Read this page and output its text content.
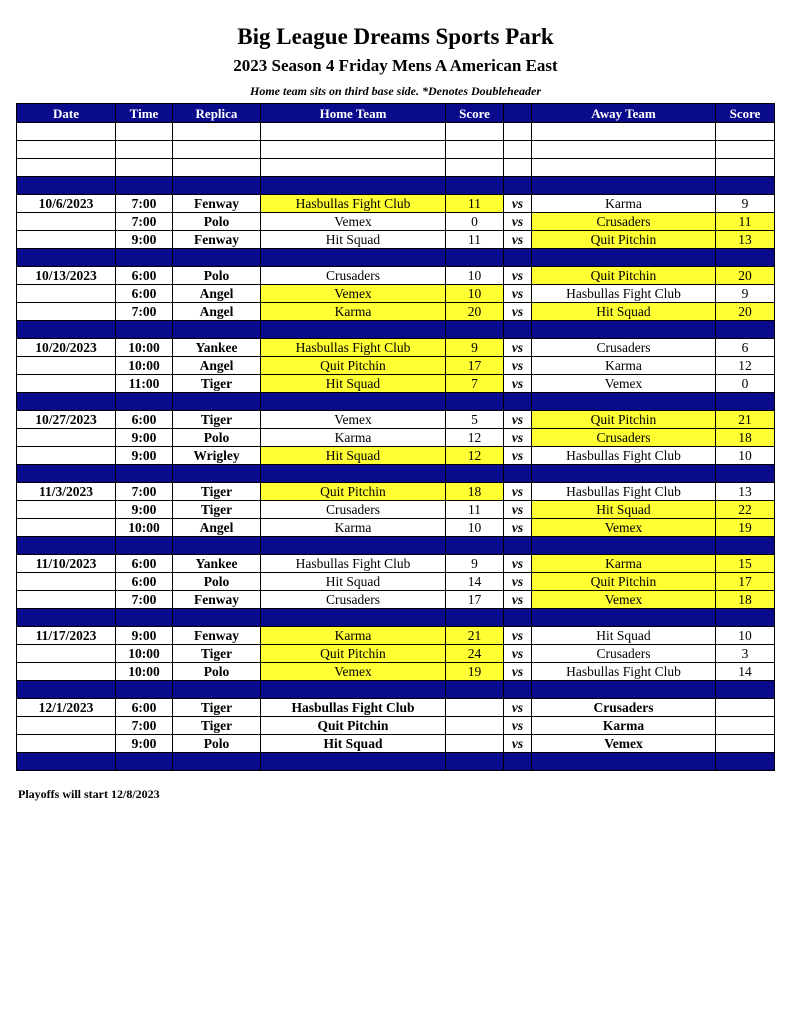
Big League Dreams Sports Park
2023 Season 4 Friday Mens A American East
Home team sits on third base side. *Denotes Doubleheader
Date	Time	Replica	Home Team	Score		Away Team	Score

10/6/2023	7:00	Fenway	Hasbullas Fight Club	11	vs	Karma	9
	7:00	Polo	Vemex	0	vs	Crusaders	11
	9:00	Fenway	Hit Squad	11	vs	Quit Pitchin	13

10/13/2023	6:00	Polo	Crusaders	10	vs	Quit Pitchin	20
	6:00	Angel	Vemex	10	vs	Hasbullas Fight Club	9
	7:00	Angel	Karma	20	vs	Hit Squad	20

10/20/2023	10:00	Yankee	Hasbullas Fight Club	9	vs	Crusaders	6
	10:00	Angel	Quit Pitchin	17	vs	Karma	12
	11:00	Tiger	Hit Squad	7	vs	Vemex	0

10/27/2023	6:00	Tiger	Vemex	5	vs	Quit Pitchin	21
	9:00	Polo	Karma	12	vs	Crusaders	18
	9:00	Wrigley	Hit Squad	12	vs	Hasbullas Fight Club	10

11/3/2023	7:00	Tiger	Quit Pitchin	18	vs	Hasbullas Fight Club	13
	9:00	Tiger	Crusaders	11	vs	Hit Squad	22
	10:00	Angel	Karma	10	vs	Vemex	19

11/10/2023	6:00	Yankee	Hasbullas Fight Club	9	vs	Karma	15
	6:00	Polo	Hit Squad	14	vs	Quit Pitchin	17
	7:00	Fenway	Crusaders	17	vs	Vemex	18

11/17/2023	9:00	Fenway	Karma	21	vs	Hit Squad	10
	10:00	Tiger	Quit Pitchin	24	vs	Crusaders	3
	10:00	Polo	Vemex	19	vs	Hasbullas Fight Club	14

12/1/2023	6:00	Tiger	Hasbullas Fight Club		vs	Crusaders	
	7:00	Tiger	Quit Pitchin		vs	Karma	
	9:00	Polo	Hit Squad		vs	Vemex	

Playoffs will start 12/8/2023
